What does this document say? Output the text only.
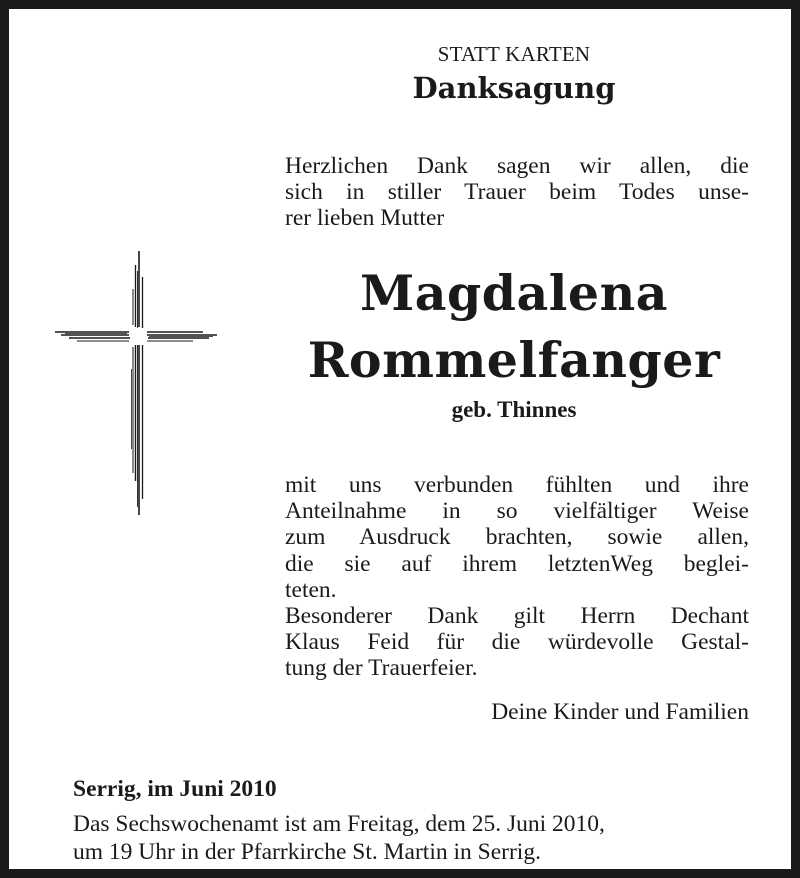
STATT KARTEN
Danksagung
Herzlichen Dank sagen wir allen, die
sich in stiller Trauer beim Todes unse-
rer lieben Mutter
Magdalena
Rommelfanger
geb. Thinnes
mit uns verbunden fühlten und ihre
Anteilnahme in so vielfältiger Weise
zum Ausdruck brachten, sowie allen,
die sie auf ihrem letztenWeg beglei-
teten.
Besonderer Dank gilt Herrn Dechant
Klaus Feid für die würdevolle Gestal-
tung der Trauerfeier.
Deine Kinder und Familien
Serrig, im Juni 2010
Das Sechswochenamt ist am Freitag, dem 25. Juni 2010,
um 19 Uhr in der Pfarrkirche St. Martin in Serrig.
